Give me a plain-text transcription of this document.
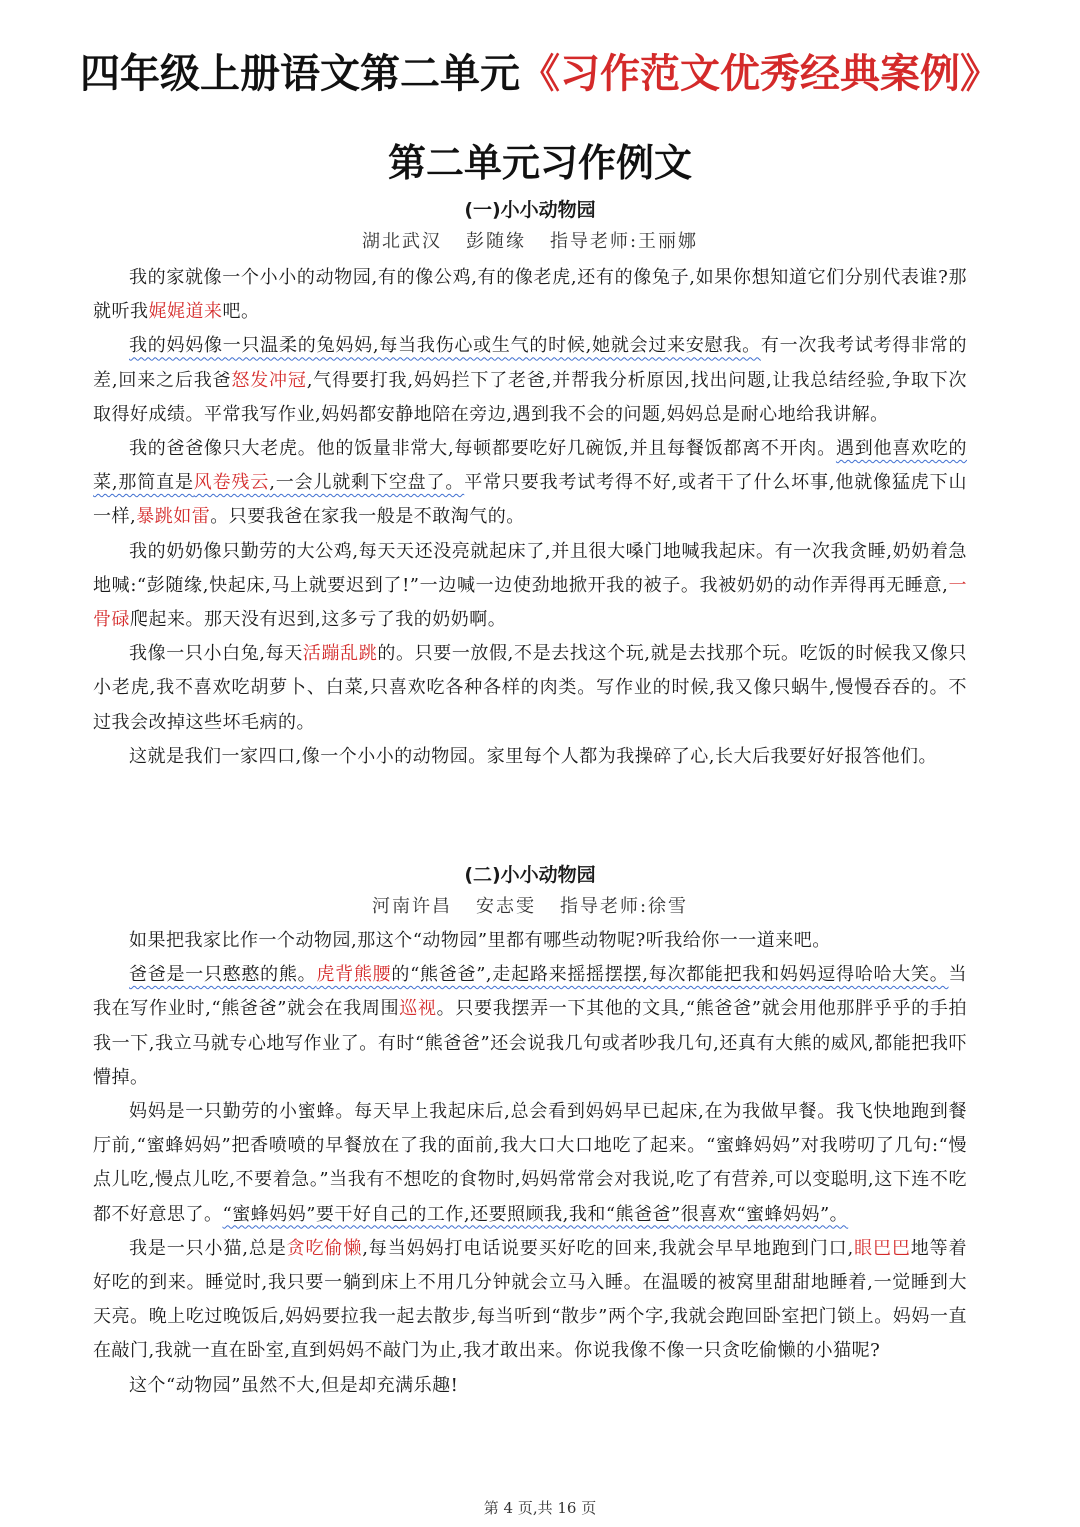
四年级上册语文第二单元《习作范文优秀经典案例》
第二单元习作例文
(一)小小动物园
湖北武汉 彭随缘 指导老师:王丽娜

我的家就像一个小小的动物园,有的像公鸡,有的像老虎,还有的像兔子,如果你想知道它们分别代表谁?那就听我娓娓道来吧。

我的妈妈像一只温柔的兔妈妈,每当我伤心或生气的时候,她就会过来安慰我。有一次我考试考得非常的差,回来之后我爸怒发冲冠,气得要打我,妈妈拦下了老爸,并帮我分析原因,找出问题,让我总结经验,争取下次取得好成绩。平常我写作业,妈妈都安静地陪在旁边,遇到我不会的问题,妈妈总是耐心地给我讲解。

我的爸爸像只大老虎。他的饭量非常大,每顿都要吃好几碗饭,并且每餐饭都离不开肉。遇到他喜欢吃的菜,那简直是风卷残云,一会儿就剩下空盘了。平常只要我考试考得不好,或者干了什么坏事,他就像猛虎下山一样,暴跳如雷。只要我爸在家我一般是不敢淘气的。

我的奶奶像只勤劳的大公鸡,每天天还没亮就起床了,并且很大嗓门地喊我起床。有一次我贪睡,奶奶着急地喊:“彭随缘,快起床,马上就要迟到了!”一边喊一边使劲地掀开我的被子。我被奶奶的动作弄得再无睡意,一骨碌爬起来。那天没有迟到,这多亏了我的奶奶啊。

我像一只小白兔,每天活蹦乱跳的。只要一放假,不是去找这个玩,就是去找那个玩。吃饭的时候我又像只小老虎,我不喜欢吃胡萝卜、白菜,只喜欢吃各种各样的肉类。写作业的时候,我又像只蜗牛,慢慢吞吞的。不过我会改掉这些坏毛病的。

这就是我们一家四口,像一个小小的动物园。家里每个人都为我操碎了心,长大后我要好好报答他们。

(二)小小动物园
河南许昌 安志雯 指导老师:徐雪

如果把我家比作一个动物园,那这个“动物园”里都有哪些动物呢?听我给你一一道来吧。

爸爸是一只憨憨的熊。虎背熊腰的“熊爸爸”,走起路来摇摇摆摆,每次都能把我和妈妈逗得哈哈大笑。当我在写作业时,“熊爸爸”就会在我周围巡视。只要我摆弄一下其他的文具,“熊爸爸”就会用他那胖乎乎的手拍我一下,我立马就专心地写作业了。有时“熊爸爸”还会说我几句或者吵我几句,还真有大熊的威风,都能把我吓懵掉。

妈妈是一只勤劳的小蜜蜂。每天早上我起床后,总会看到妈妈早已起床,在为我做早餐。我飞快地跑到餐厅前,“蜜蜂妈妈”把香喷喷的早餐放在了我的面前,我大口大口地吃了起来。“蜜蜂妈妈”对我唠叨了几句:“慢点儿吃,慢点儿吃,不要着急。”当我有不想吃的食物时,妈妈常常会对我说,吃了有营养,可以变聪明,这下连不吃都不好意思了。“蜜蜂妈妈”要干好自己的工作,还要照顾我,我和“熊爸爸”很喜欢“蜜蜂妈妈”。

我是一只小猫,总是贪吃偷懒,每当妈妈打电话说要买好吃的回来,我就会早早地跑到门口,眼巴巴地等着好吃的到来。睡觉时,我只要一躺到床上不用几分钟就会立马入睡。在温暖的被窝里甜甜地睡着,一觉睡到大天亮。晚上吃过晚饭后,妈妈要拉我一起去散步,每当听到“散步”两个字,我就会跑回卧室把门锁上。妈妈一直在敲门,我就一直在卧室,直到妈妈不敲门为止,我才敢出来。你说我像不像一只贪吃偷懒的小猫呢?

这个“动物园”虽然不大,但是却充满乐趣!

第 4 页,共 16 页
